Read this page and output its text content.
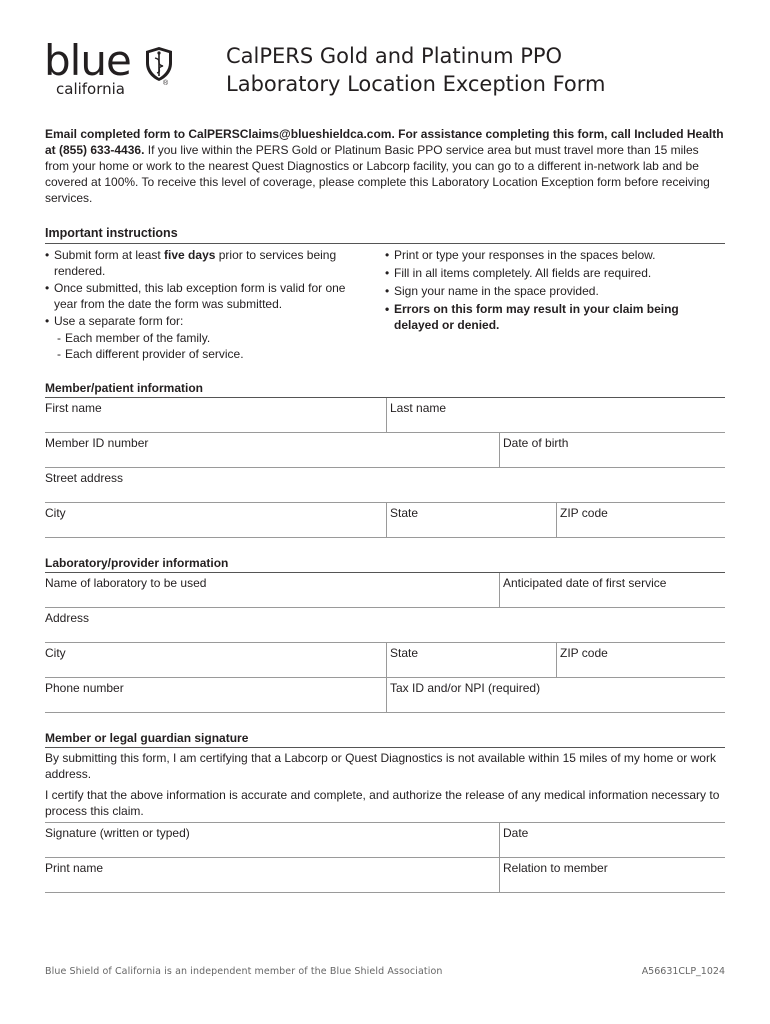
blue
california	®
CalPERS Gold and Platinum PPO
Laboratory Location Exception Form
Email completed form to CalPERSClaims@blueshieldca.com. For assistance completing this form, call Included Health at (855) 633-4436. If you live within the PERS Gold or Platinum Basic PPO service area but must travel more than 15 miles from your home or work to the nearest Quest Diagnostics or Labcorp facility, you can go to a different in-network lab and be covered at 100%. To receive this level of coverage, please complete this Laboratory Location Exception form before receiving services.
Important instructions
• Submit form at least five days prior to services being rendered.
• Once submitted, this lab exception form is valid for one year from the date the form was submitted.
• Use a separate form for:
- Each member of the family.
- Each different provider of service.
• Print or type your responses in the spaces below.
• Fill in all items completely. All fields are required.
• Sign your name in the space provided.
• Errors on this form may result in your claim being delayed or denied.
Member/patient information
First name	Last name
Member ID number	Date of birth
Street address
City	State	ZIP code
Laboratory/provider information
Name of laboratory to be used	Anticipated date of first service
Address
City	State	ZIP code
Phone number	Tax ID and/or NPI (required)
Member or legal guardian signature
By submitting this form, I am certifying that a Labcorp or Quest Diagnostics is not available within 15 miles of my home or work address.
I certify that the above information is accurate and complete, and authorize the release of any medical information necessary to process this claim.
Signature (written or typed)	Date
Print name	Relation to member
Blue Shield of California is an independent member of the Blue Shield Association	A56631CLP_1024
